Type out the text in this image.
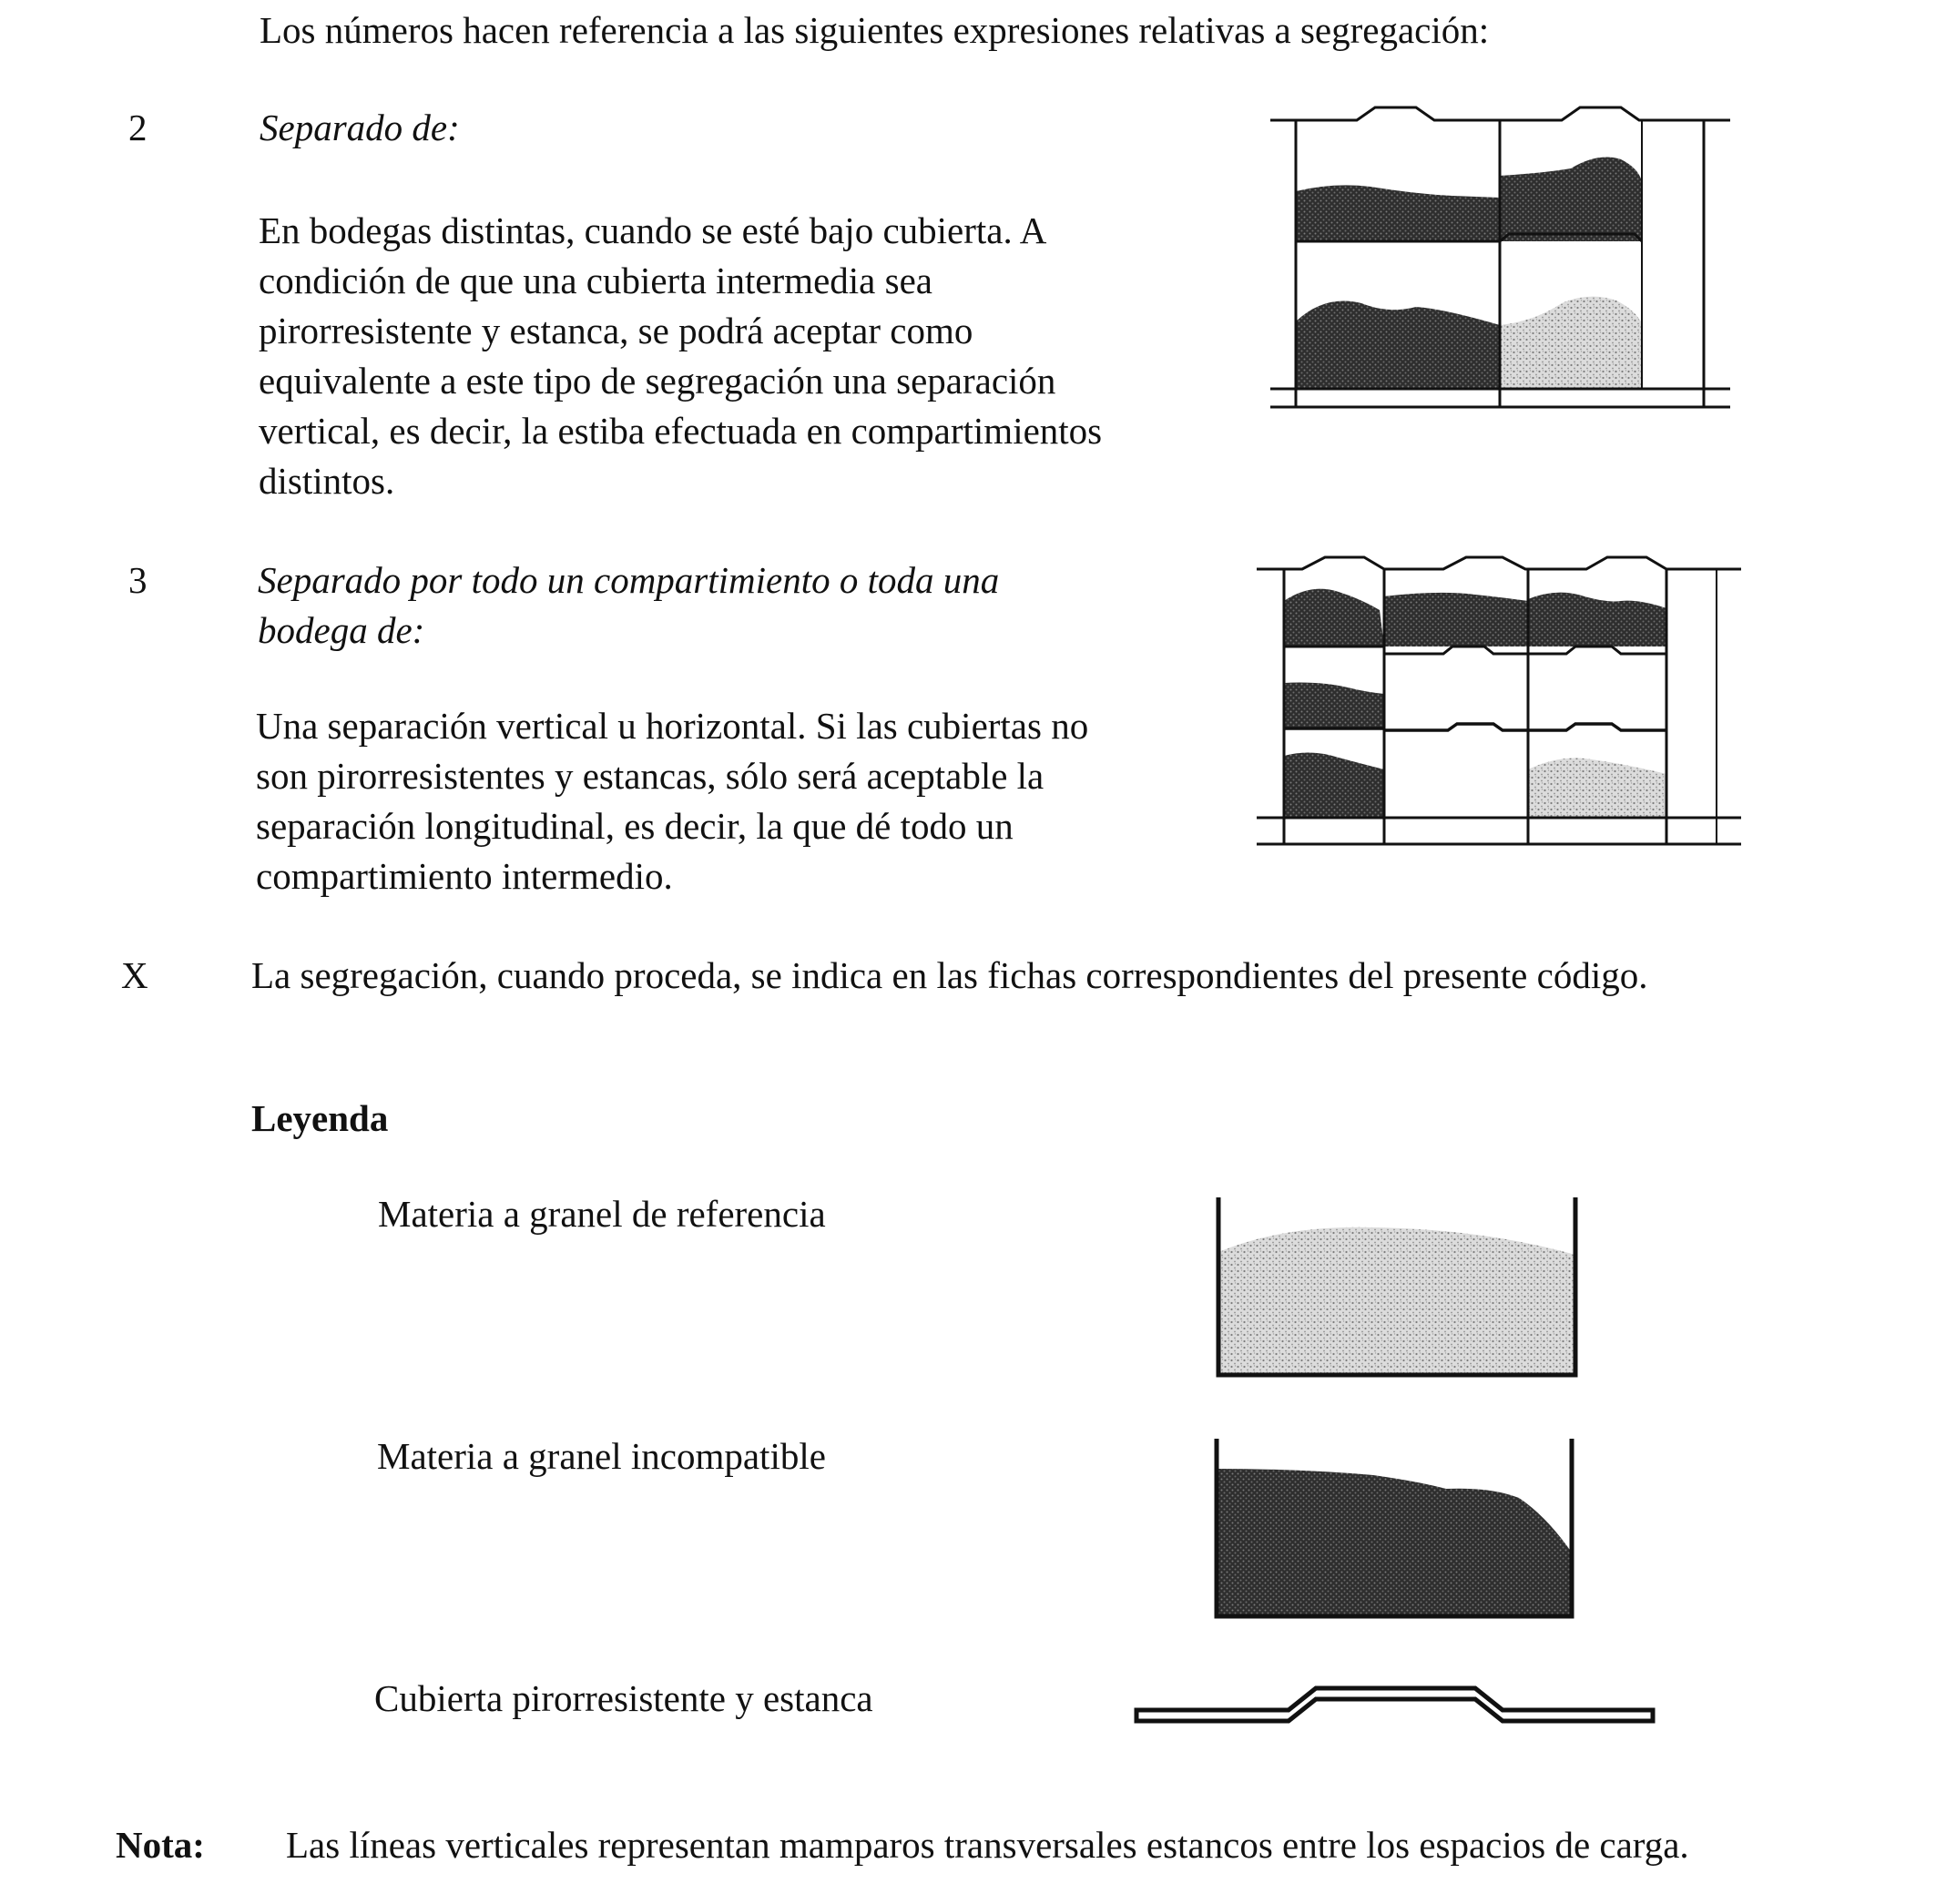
Los números hacen referencia a las siguientes expresiones relativas a segregación:

2	Separado de:

En bodegas distintas, cuando se esté bajo cubierta. A
condición de que una cubierta intermedia sea
pirorresistente y estanca, se podrá aceptar como
equivalente a este tipo de segregación una separación
vertical, es decir, la estiba efectuada en compartimientos
distintos.
3	Separado por todo un compartimiento o toda una
bodega de:
Una separación vertical u horizontal. Si las cubiertas no
son pirorresistentes y estancas, sólo será aceptable la
separación longitudinal, es decir, la que dé todo un
compartimiento intermedio.
X	La segregación, cuando proceda, se indica en las fichas correspondientes del presente código.

Leyenda

Materia a granel de referencia

Materia a granel incompatible

Cubierta pirorresistente y estanca

Nota: Las líneas verticales representan mamparos transversales estancos entre los espacios de carga.
